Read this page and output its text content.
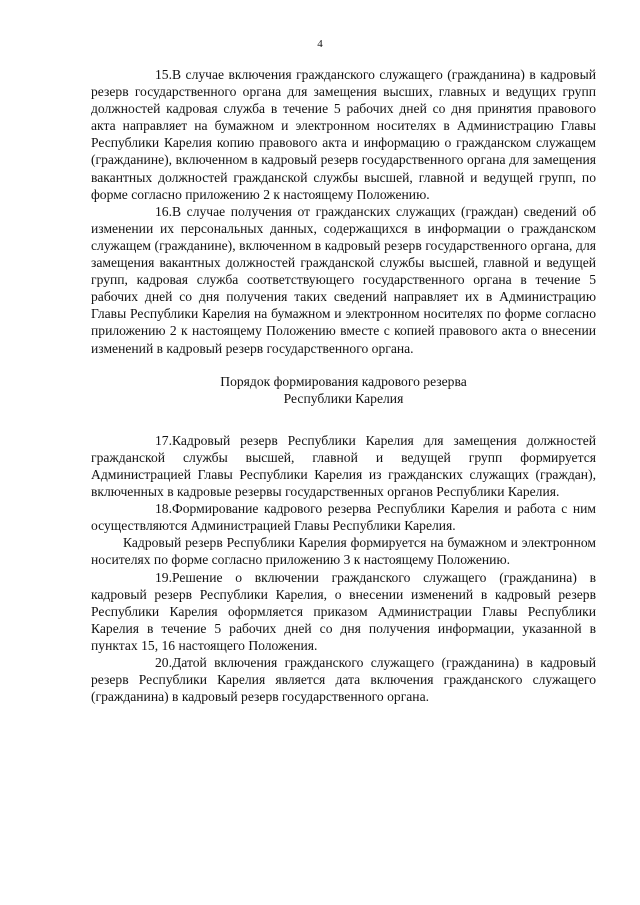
4

15.В случае включения гражданского служащего (гражданина) в кадровый резерв государственного органа для замещения высших, главных и ведущих групп должностей кадровая служба в течение 5 рабочих дней со дня принятия правового акта направляет на бумажном и электронном носителях в Администрацию Главы Республики Карелия копию правового акта и информацию о гражданском служащем (гражданине), включенном в кадровый резерв государственного органа для замещения вакантных должностей гражданской службы высшей, главной и ведущей групп, по форме согласно приложению 2 к настоящему Положению.

16.В случае получения от гражданских служащих (граждан) сведений об изменении их персональных данных, содержащихся в информации о гражданском служащем (гражданине), включенном в кадровый резерв государственного органа, для замещения вакантных должностей гражданской службы высшей, главной и ведущей групп, кадровая служба соответствующего государственного органа в течение 5 рабочих дней со дня получения таких сведений направляет их в Администрацию Главы Республики Карелия на бумажном и электронном носителях по форме согласно приложению 2 к настоящему Положению вместе с копией правового акта о внесении изменений в кадровый резерв государственного органа.

Порядок формирования кадрового резерва

Республики Карелия

17.Кадровый резерв Республики Карелия для замещения должностей гражданской службы высшей, главной и ведущей групп формируется Администрацией Главы Республики Карелия из гражданских служащих (граждан), включенных в кадровые резервы государственных органов Республики Карелия.

18.Формирование кадрового резерва Республики Карелия и работа с ним осуществляются Администрацией Главы Республики Карелия.

Кадровый резерв Республики Карелия формируется на бумажном и электронном носителях по форме согласно приложению 3 к настоящему Положению.

19.Решение о включении гражданского служащего (гражданина) в кадровый резерв Республики Карелия, о внесении изменений в кадровый резерв Республики Карелия оформляется приказом Администрации Главы Республики Карелия в течение 5 рабочих дней со дня получения информации, указанной в пунктах 15, 16 настоящего Положения.

20.Датой включения гражданского служащего (гражданина) в кадровый резерв Республики Карелия является дата включения гражданского служащего (гражданина) в кадровый резерв государственного органа.
